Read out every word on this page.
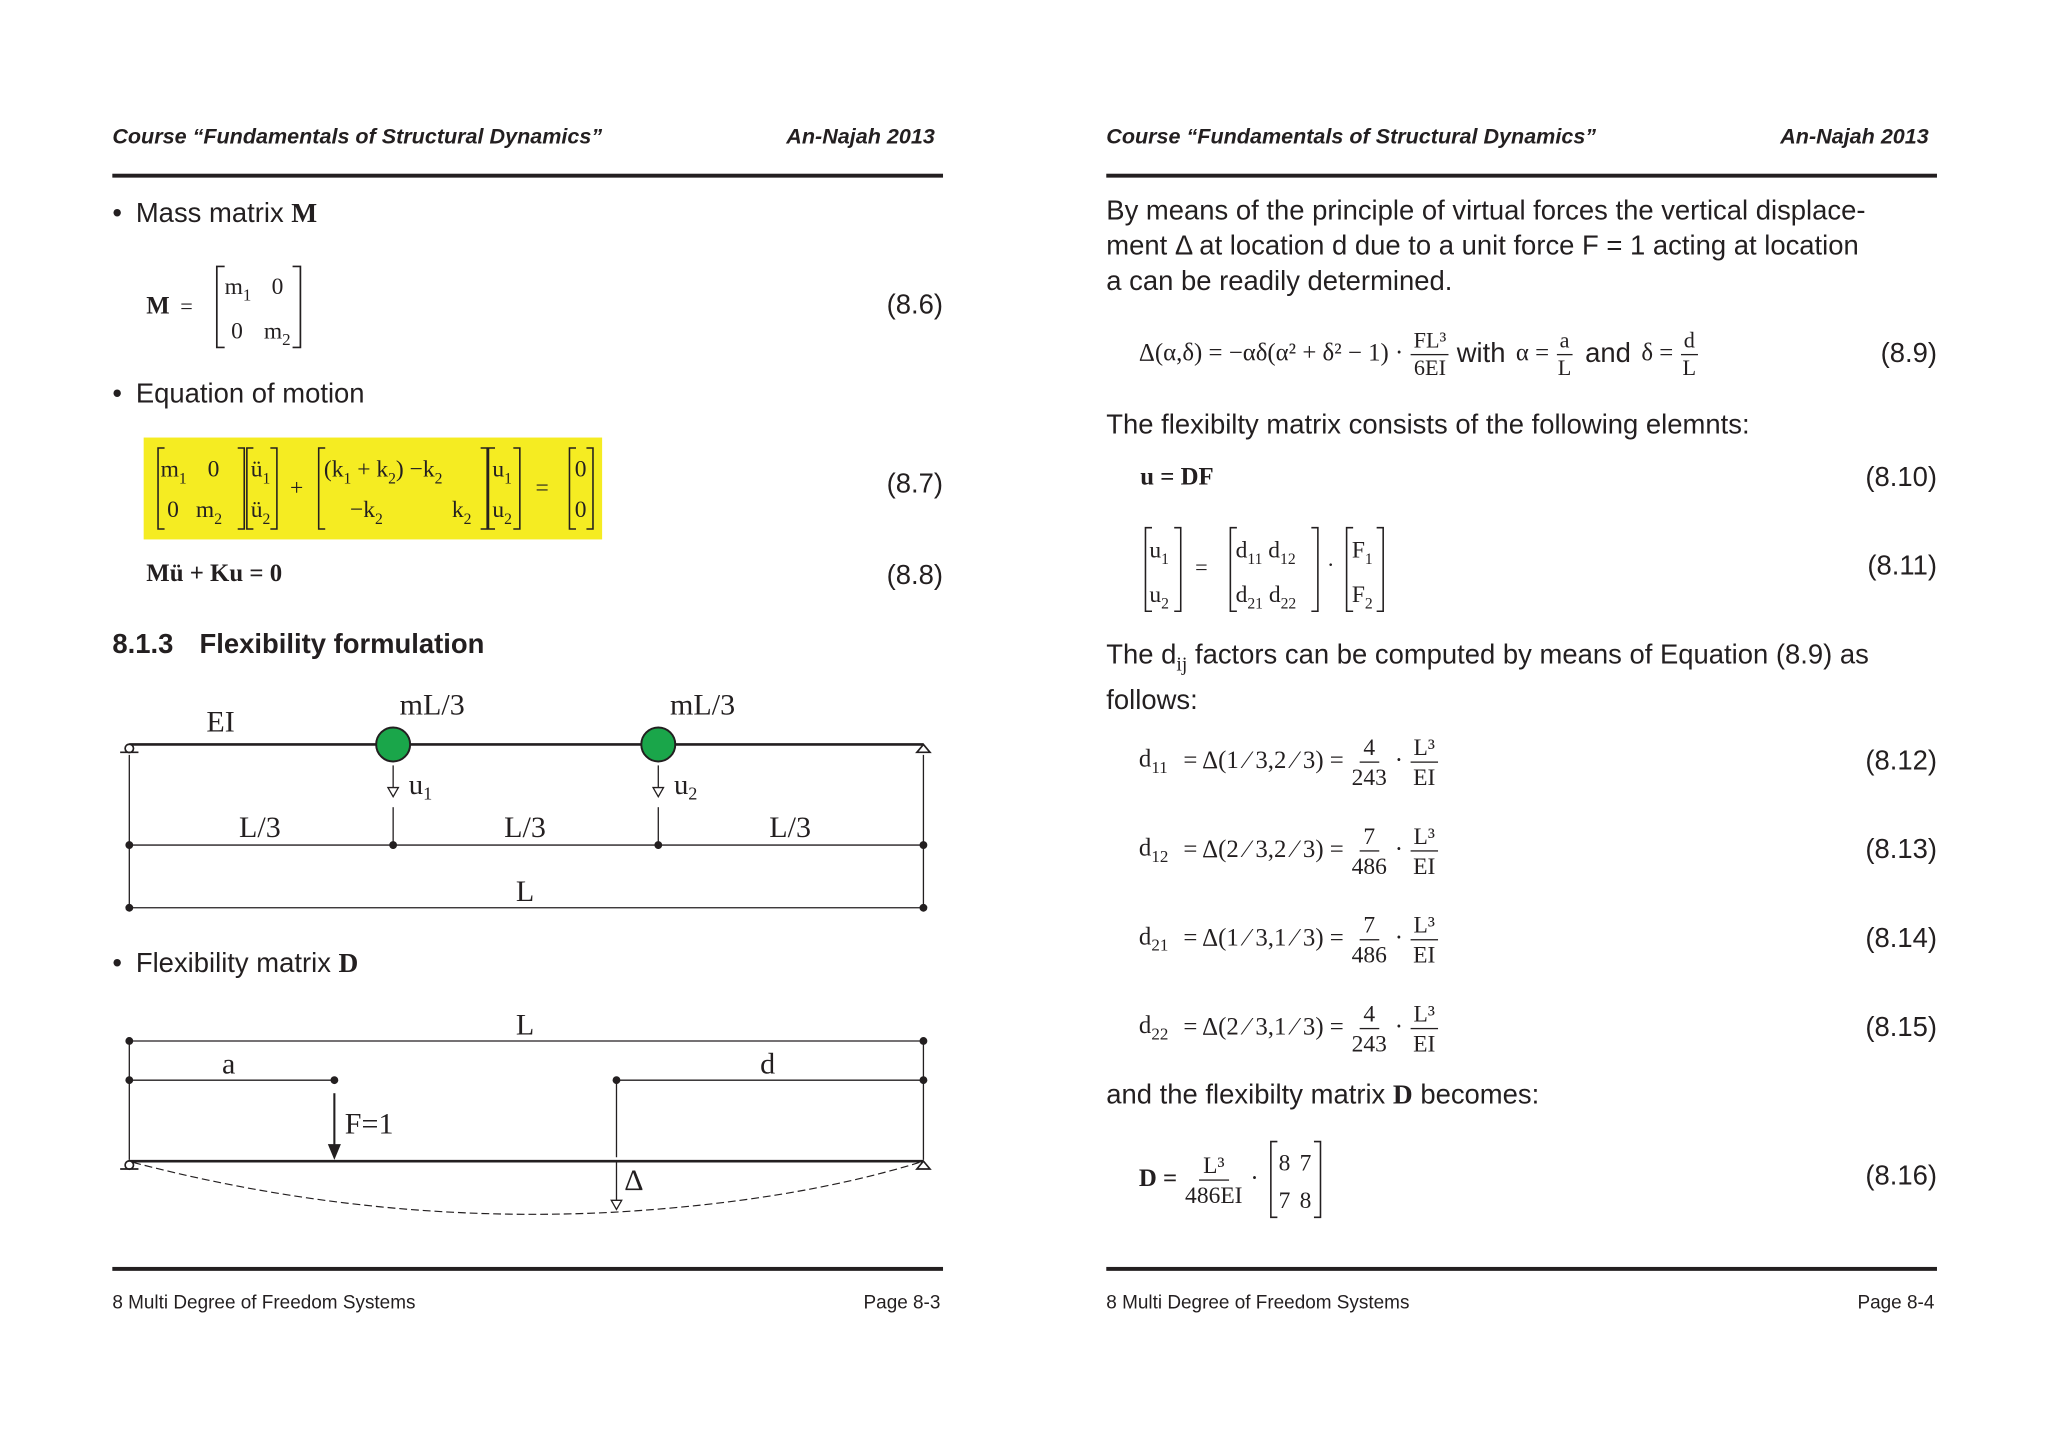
Course “Fundamentals of Structural Dynamics”	An-Najah 2013
• Mass matrix M
M =
$m_1$ 0
0 $m_2$
(8.6)
• Equation of motion
$m_1$ 0
0 $m_2$
$ü_1$
$ü_2$
+
$(k_1 + k_2) -k_2$
$-k_2$	$k_2$
$u_1$
$u_2$
=
0
0
(8.7)
Mü + Ku = 0	(8.8)
8.1.3 Flexibility formulation
EI
mL/3	mL/3
u1	u2
L/3	L/3	L/3
L
• Flexibility matrix D
L
a	d
F=1
Δ
8 Multi Degree of Freedom Systems	Page 8-3
Course “Fundamentals of Structural Dynamics”	An-Najah 2013
By means of the principle of virtual forces the vertical displace-
ment Δ at location d due to a unit force F = 1 acting at location
a can be readily determined.
$\Delta(\alpha,\delta) = -\alpha\delta(\alpha^2 + \delta^2 - 1) \cdot \frac{\text{FL³}}{6EI}$ with $\alpha = \frac{a}{L}$ and $\delta = \frac{d}{L}$	(8.9)
The flexibilty matrix consists of the following elemnts:
u = DF	(8.10)
$u_1$
$u_2$
=
$d_{11}$ $d_{12}$
$d_{21}$ $d_{22}$
·
$F_1$
$F_2$
(8.11)
The $d_{ij}$ factors can be computed by means of Equation (8.9) as
follows:
$d_{11} = \Delta(1$ ⁄ 3,2 ⁄ $3) = \frac{4}{243}$ ·
L³
EI
(8.12)
$d_{12} = \Delta(2$ ⁄ 3,2 ⁄ $3) = \frac{7}{486}$ ·
L³
EI
(8.13)
$d_{21} = \Delta(1$ ⁄ 3,1 ⁄ $3) = \frac{7}{486}$ ·
L³
EI
(8.14)
$d_{22} = \Delta(2$ ⁄ 3,1 ⁄ $3) = \frac{4}{243}$ ·
L³
EI
(8.15)
and the flexibilty matrix D becomes:
$D = \frac{\text{L³}}{486EI}$ ·
8 7
7 8
(8.16)
8 Multi Degree of Freedom Systems	Page 8-4
